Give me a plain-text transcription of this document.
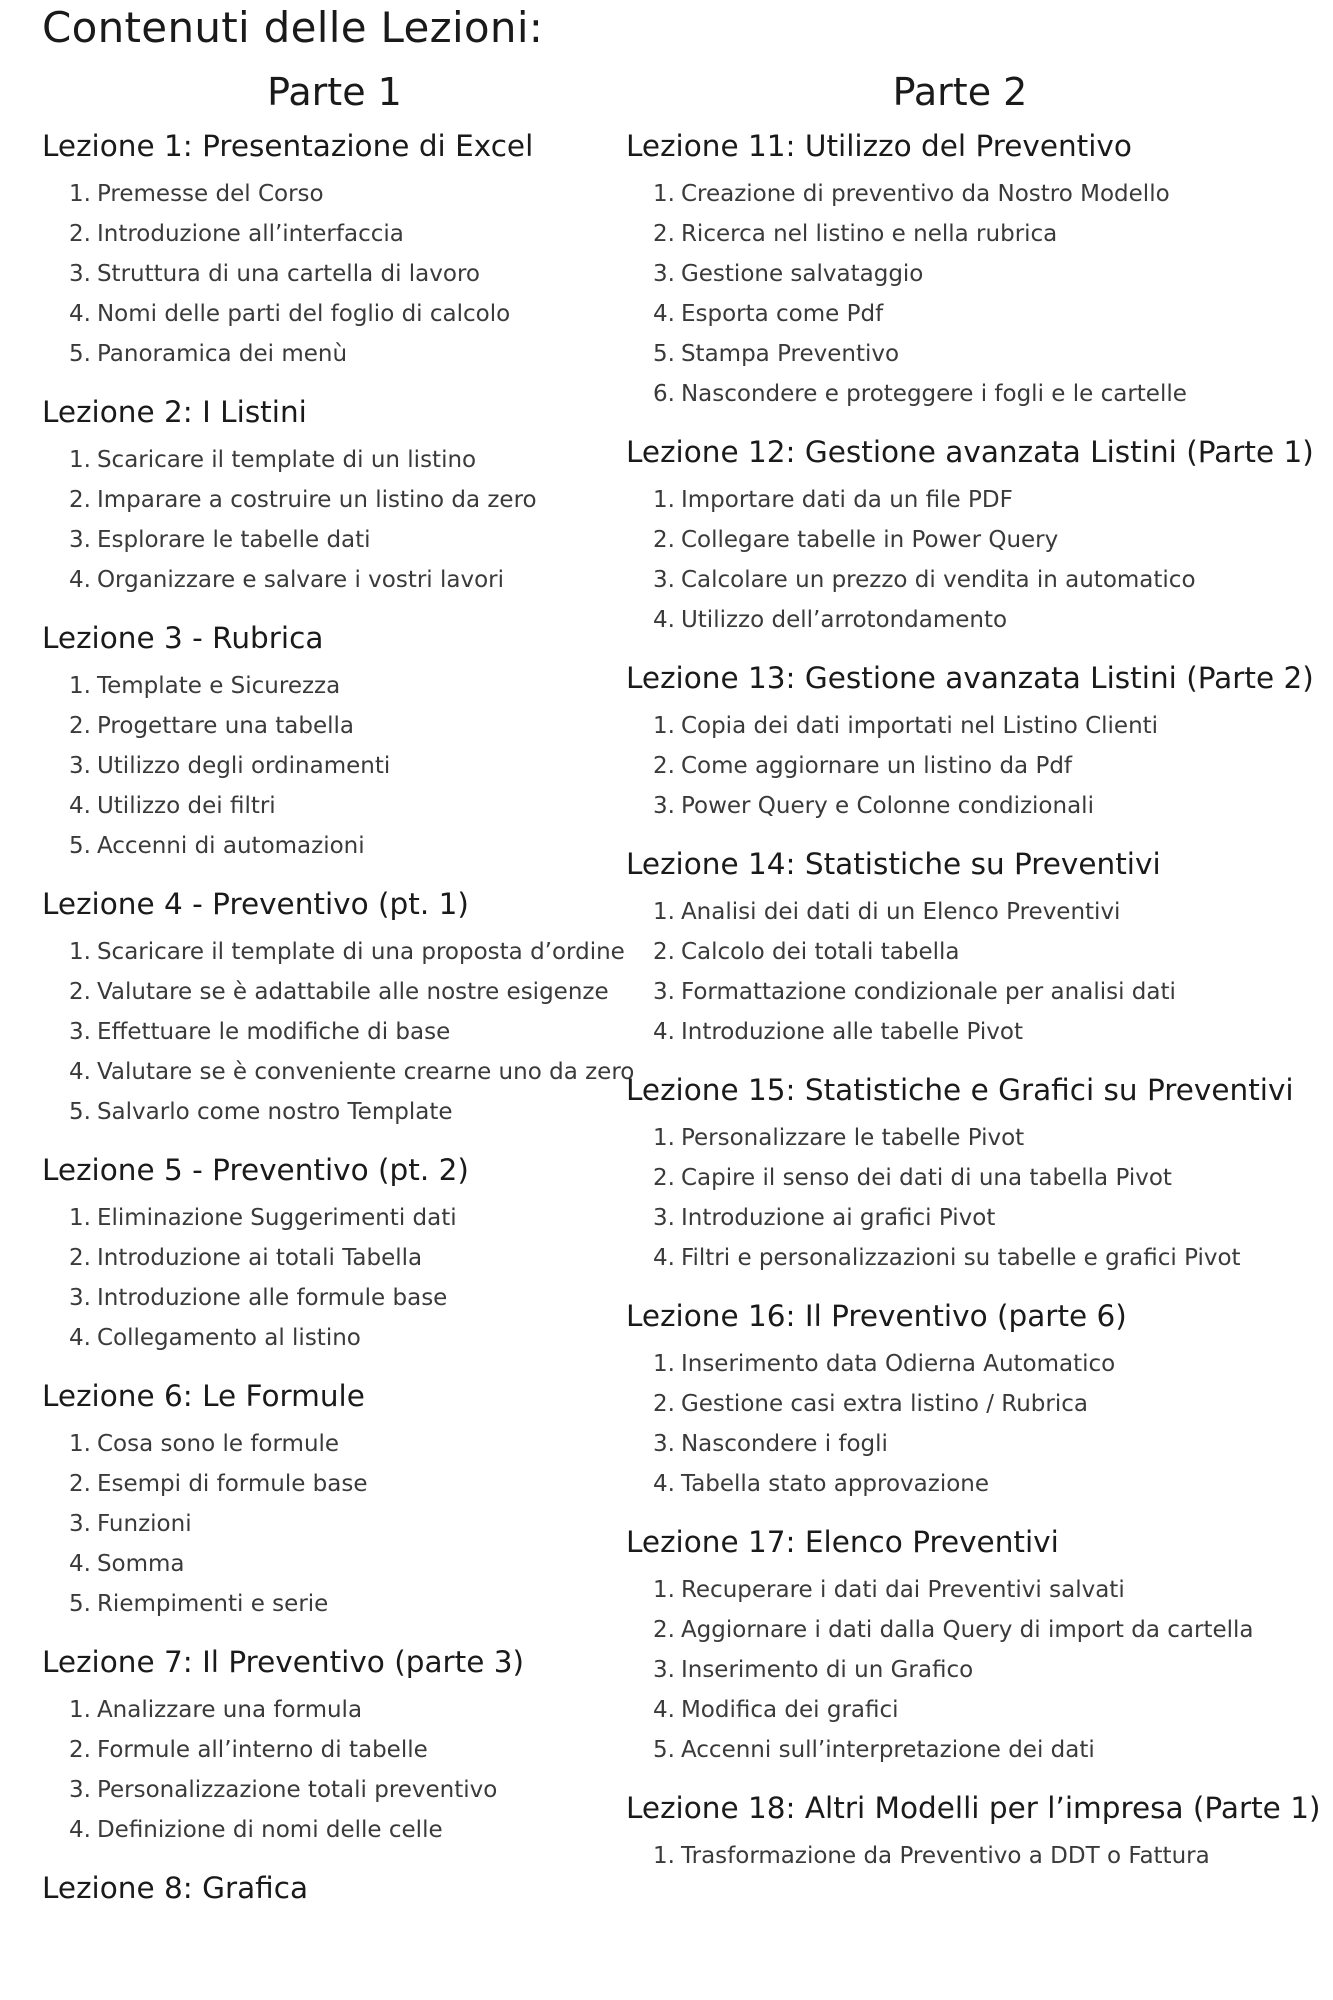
Contenuti delle Lezioni:
Parte 1
Lezione 1: Presentazione di Excel
1. Premesse del Corso
2. Introduzione all’interfaccia
3. Struttura di una cartella di lavoro
4. Nomi delle parti del foglio di calcolo
5. Panoramica dei menù
Lezione 2: I Listini
1. Scaricare il template di un listino
2. Imparare a costruire un listino da zero
3. Esplorare le tabelle dati
4. Organizzare e salvare i vostri lavori
Lezione 3 - Rubrica
1. Template e Sicurezza
2. Progettare una tabella
3. Utilizzo degli ordinamenti
4. Utilizzo dei filtri
5. Accenni di automazioni
Lezione 4 - Preventivo (pt. 1)
1. Scaricare il template di una proposta d’ordine
2. Valutare se è adattabile alle nostre esigenze
3. Effettuare le modifiche di base
4. Valutare se è conveniente crearne uno da zero
5. Salvarlo come nostro Template
Lezione 5 - Preventivo (pt. 2)
1. Eliminazione Suggerimenti dati
2. Introduzione ai totali Tabella
3. Introduzione alle formule base
4. Collegamento al listino
Lezione 6: Le Formule
1. Cosa sono le formule
2. Esempi di formule base
3. Funzioni
4. Somma
5. Riempimenti e serie
Lezione 7: Il Preventivo (parte 3)
1. Analizzare una formula
2. Formule all’interno di tabelle
3. Personalizzazione totali preventivo
4. Definizione di nomi delle celle
Lezione 8: Grafica
Parte 2
Lezione 11: Utilizzo del Preventivo
1. Creazione di preventivo da Nostro Modello
2. Ricerca nel listino e nella rubrica
3. Gestione salvataggio
4. Esporta come Pdf
5. Stampa Preventivo
6. Nascondere e proteggere i fogli e le cartelle
Lezione 12: Gestione avanzata Listini (Parte 1)
1. Importare dati da un file PDF
2. Collegare tabelle in Power Query
3. Calcolare un prezzo di vendita in automatico
4. Utilizzo dell’arrotondamento
Lezione 13: Gestione avanzata Listini (Parte 2)
1. Copia dei dati importati nel Listino Clienti
2. Come aggiornare un listino da Pdf
3. Power Query e Colonne condizionali
Lezione 14: Statistiche su Preventivi
1. Analisi dei dati di un Elenco Preventivi
2. Calcolo dei totali tabella
3. Formattazione condizionale per analisi dati
4. Introduzione alle tabelle Pivot
Lezione 15: Statistiche e Grafici su Preventivi
1. Personalizzare le tabelle Pivot
2. Capire il senso dei dati di una tabella Pivot
3. Introduzione ai grafici Pivot
4. Filtri e personalizzazioni su tabelle e grafici Pivot
Lezione 16: Il Preventivo (parte 6)
1. Inserimento data Odierna Automatico
2. Gestione casi extra listino / Rubrica
3. Nascondere i fogli
4. Tabella stato approvazione
Lezione 17: Elenco Preventivi
1. Recuperare i dati dai Preventivi salvati
2. Aggiornare i dati dalla Query di import da cartella
3. Inserimento di un Grafico
4. Modifica dei grafici
5. Accenni sull’interpretazione dei dati
Lezione 18: Altri Modelli per l’impresa (Parte 1)
1. Trasformazione da Preventivo a DDT o Fattura
